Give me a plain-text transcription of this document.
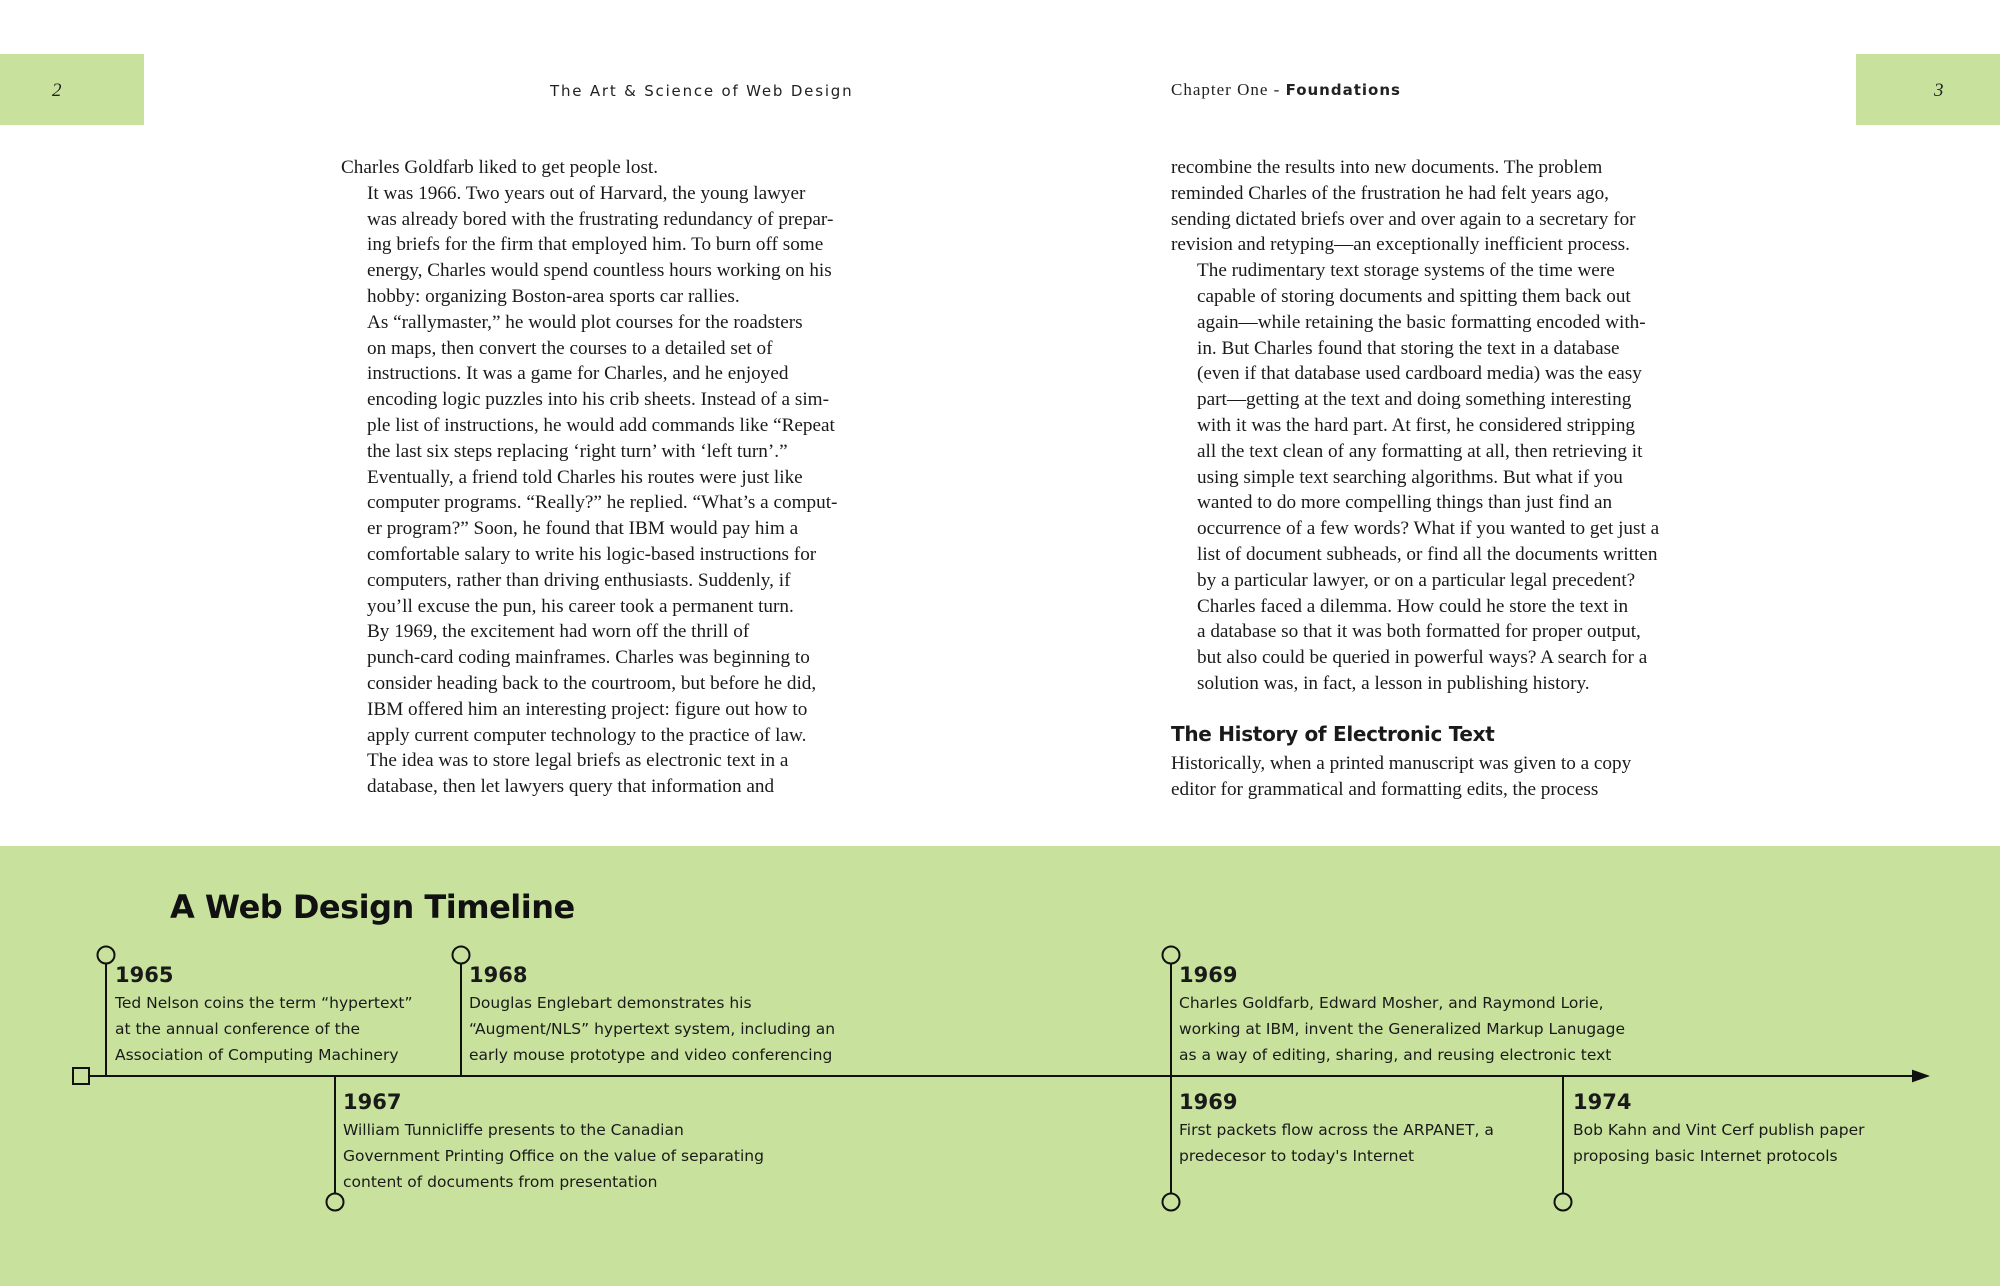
2	3
The Art & Science of Web Design	Chapter One - Foundations

Charles Goldfarb liked to get people lost.

It was 1966. Two years out of Harvard, the young lawyer
was already bored with the frustrating redundancy of prepar-
ing briefs for the firm that employed him. To burn off some
energy, Charles would spend countless hours working on his
hobby: organizing Boston-area sports car rallies.

As “rallymaster,” he would plot courses for the roadsters
on maps, then convert the courses to a detailed set of
instructions. It was a game for Charles, and he enjoyed
encoding logic puzzles into his crib sheets. Instead of a sim-
ple list of instructions, he would add commands like “Repeat
the last six steps replacing ‘right turn’ with ‘left turn’.”

Eventually, a friend told Charles his routes were just like
computer programs. “Really?” he replied. “What’s a comput-
er program?” Soon, he found that IBM would pay him a
comfortable salary to write his logic-based instructions for
computers, rather than driving enthusiasts. Suddenly, if
you’ll excuse the pun, his career took a permanent turn.

By 1969, the excitement had worn off the thrill of
punch-card coding mainframes. Charles was beginning to
consider heading back to the courtroom, but before he did,
IBM offered him an interesting project: figure out how to
apply current computer technology to the practice of law.
The idea was to store legal briefs as electronic text in a
database, then let lawyers query that information and

recombine the results into new documents. The problem
reminded Charles of the frustration he had felt years ago,
sending dictated briefs over and over again to a secretary for
revision and retyping—an exceptionally inefficient process.

The rudimentary text storage systems of the time were
capable of storing documents and spitting them back out
again—while retaining the basic formatting encoded with-
in. But Charles found that storing the text in a database
(even if that database used cardboard media) was the easy
part—getting at the text and doing something interesting
with it was the hard part. At first, he considered stripping
all the text clean of any formatting at all, then retrieving it
using simple text searching algorithms. But what if you
wanted to do more compelling things than just find an
occurrence of a few words? What if you wanted to get just a
list of document subheads, or find all the documents written
by a particular lawyer, or on a particular legal precedent?

Charles faced a dilemma. How could he store the text in
a database so that it was both formatted for proper output,
but also could be queried in powerful ways? A search for a
solution was, in fact, a lesson in publishing history.

The History of Electronic Text

Historically, when a printed manuscript was given to a copy
editor for grammatical and formatting edits, the process

A Web Design Timeline
1965
Ted Nelson coins the term “hypertext”
at the annual conference of the
Association of Computing Machinery
1968
Douglas Englebart demonstrates his
“Augment/NLS” hypertext system, including an
early mouse prototype and video conferencing
1969
Charles Goldfarb, Edward Mosher, and Raymond Lorie,
working at IBM, invent the Generalized Markup Lanugage
as a way of editing, sharing, and reusing electronic text
1967
William Tunnicliffe presents to the Canadian
Government Printing Office on the value of separating
content of documents from presentation
1969
First packets flow across the ARPANET, a
predecesor to today's Internet
1974
Bob Kahn and Vint Cerf publish paper
proposing basic Internet protocols
